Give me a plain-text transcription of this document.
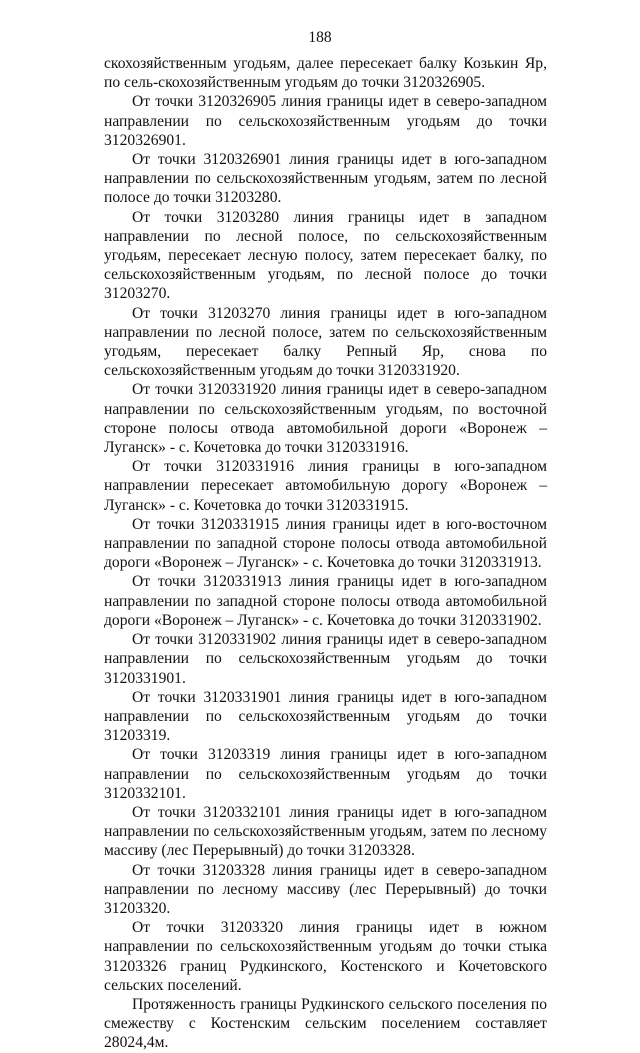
188

скохозяйственным угодьям, далее пересекает балку Козькин Яр, по сель-скохозяйственным угодьям до точки 3120326905.

От точки 3120326905 линия границы идет в северо-западном направлении по сельскохозяйственным угодьям до точки 3120326901.

От точки 3120326901 линия границы идет в юго-западном направлении по сельскохозяйственным угодьям, затем по лесной полосе до точки 31203280.

От точки 31203280 линия границы идет в западном направлении по лесной полосе, по сельскохозяйственным угодьям, пересекает лесную полосу, затем пересекает балку, по сельскохозяйственным угодьям, по лесной полосе до точки 31203270.

От точки 31203270 линия границы идет в юго-западном направлении по лесной полосе, затем по сельскохозяйственным угодьям, пересекает балку Репный Яр, снова по сельскохозяйственным угодьям до точки 3120331920.

От точки 3120331920 линия границы идет в северо-западном направлении по сельскохозяйственным угодьям, по восточной стороне полосы отвода автомобильной дороги «Воронеж – Луганск» - с. Кочетовка до точки 3120331916.

От точки 3120331916 линия границы в юго-западном направлении пересекает автомобильную дорогу «Воронеж – Луганск» - с. Кочетовка до точки 3120331915.

От точки 3120331915 линия границы идет в юго-восточном направлении по западной стороне полосы отвода автомобильной дороги «Воронеж – Луганск» - с. Кочетовка до точки 3120331913.

От точки 3120331913 линия границы идет в юго-западном направлении по западной стороне полосы отвода автомобильной дороги «Воронеж – Луганск» - с. Кочетовка до точки 3120331902.

От точки 3120331902 линия границы идет в северо-западном направлении по сельскохозяйственным угодьям до точки 3120331901.

От точки 3120331901 линия границы идет в юго-западном направлении по сельскохозяйственным угодьям до точки 31203319.

От точки 31203319 линия границы идет в юго-западном направлении по сельскохозяйственным угодьям до точки 3120332101.

От точки 3120332101 линия границы идет в юго-западном направлении по сельскохозяйственным угодьям, затем по лесному массиву (лес Перерывный) до точки 31203328.

От точки 31203328 линия границы идет в северо-западном направлении по лесному массиву (лес Перерывный) до точки 31203320.

От точки 31203320 линия границы идет в южном направлении по сельскохозяйственным угодьям до точки стыка 31203326 границ Рудкинского, Костенского и Кочетовского сельских поселений.

Протяженность границы Рудкинского сельского поселения по смежеству с Костенским сельским поселением составляет 28024,4м.
